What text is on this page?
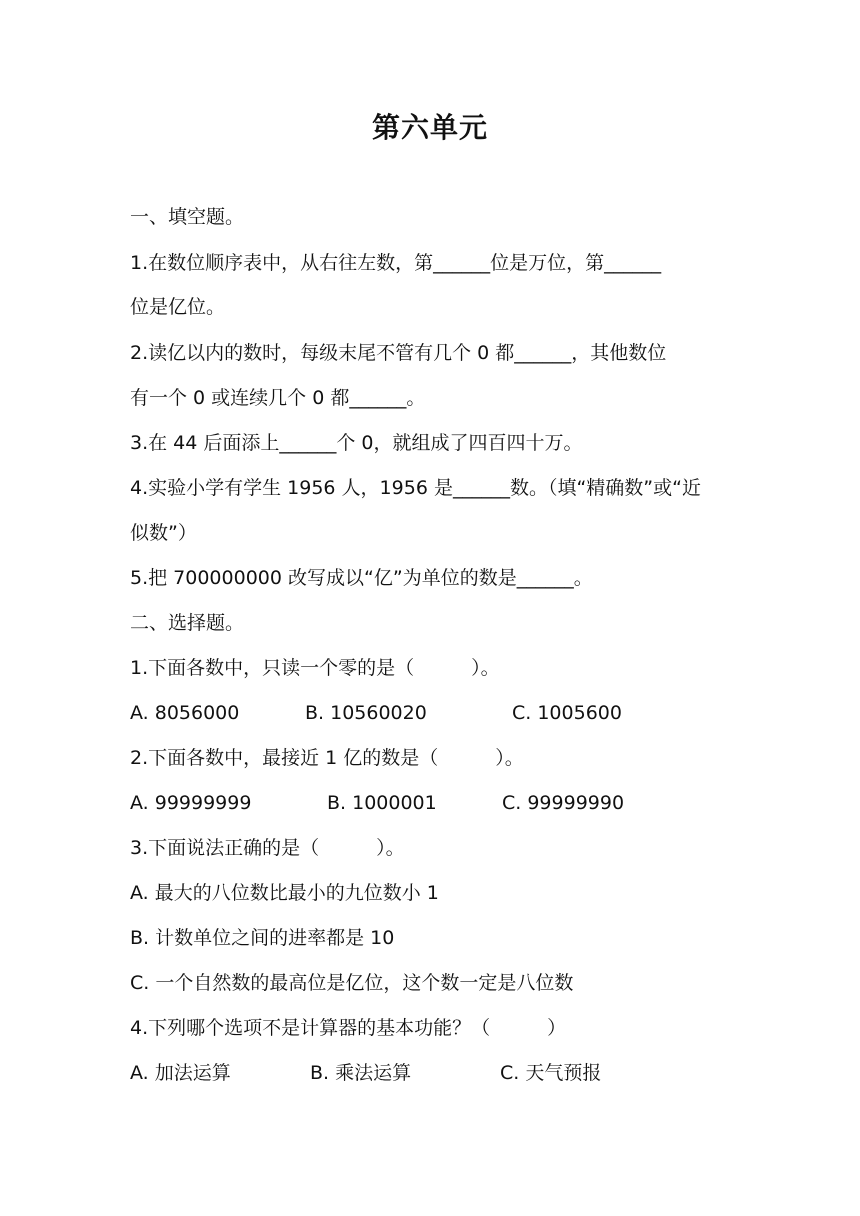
第六单元
一、填空题。
1.在数位顺序表中，从右往左数，第______位是万位，第______
位是亿位。
2.读亿以内的数时，每级末尾不管有几个 0 都______，其他数位
有一个 0 或连续几个 0 都______。
3.在 44 后面添上______个 0，就组成了四百四十万。
4.实验小学有学生 1956 人，1956 是______数。（填“精确数”或“近
似数”）
5.把 700000000 改写成以“亿”为单位的数是______。
二、选择题。
1.下面各数中，只读一个零的是（　　　）。
A. 8056000	B. 10560020	C. 1005600
2.下面各数中，最接近 1 亿的数是（　　　）。
A. 99999999	B. 1000001	C. 99999990
3.下面说法正确的是（　　　）。
A. 最大的八位数比最小的九位数小 1
B. 计数单位之间的进率都是 10
C. 一个自然数的最高位是亿位，这个数一定是八位数
4.下列哪个选项不是计算器的基本功能？（　　　）
A. 加法运算	B. 乘法运算	C. 天气预报
